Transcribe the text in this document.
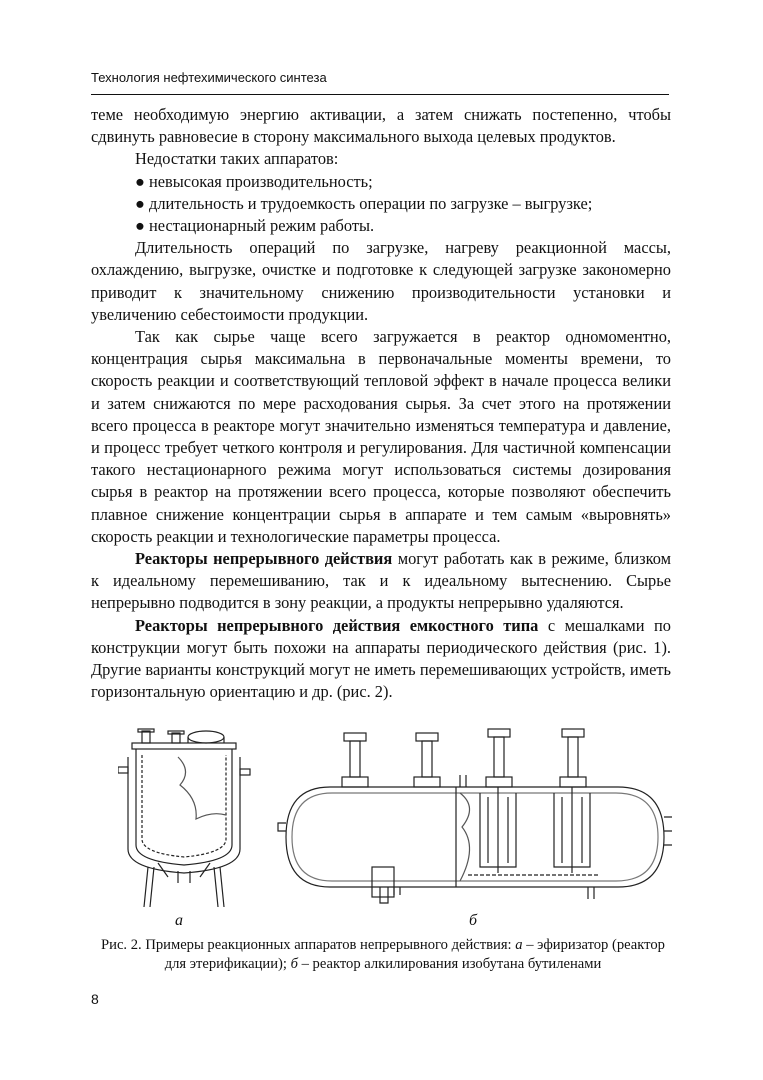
Технология нефтехимического синтеза

теме необходимую энергию активации, а затем снижать постепенно, чтобы сдвинуть равновесие в сторону максимального выхода целевых продуктов.

Недостатки таких аппаратов:

● невысокая производительность;

● длительность и трудоемкость операции по загрузке – выгрузке;

● нестационарный режим работы.

Длительность операций по загрузке, нагреву реакционной массы, охлаждению, выгрузке, очистке и подготовке к следующей загрузке закономерно приводит к значительному снижению производительности установки и увеличению себестоимости продукции.

Так как сырье чаще всего загружается в реактор одномоментно, концентрация сырья максимальна в первоначальные моменты времени, то скорость реакции и соответствующий тепловой эффект в начале процесса велики и затем снижаются по мере расходования сырья. За счет этого на протяжении всего процесса в реакторе могут значительно изменяться температура и давление, и процесс требует четкого контроля и регулирования. Для частичной компенсации такого нестационарного режима могут использоваться системы дозирования сырья в реактор на протяжении всего процесса, которые позволяют обеспечить плавное снижение концентрации сырья в аппарате и тем самым «выровнять» скорость реакции и технологические параметры процесса.

Реакторы непрерывного действия могут работать как в режиме, близком к идеальному перемешиванию, так и к идеальному вытеснению. Сырье непрерывно подводится в зону реакции, а продукты непрерывно удаляются.

Реакторы непрерывного действия емкостного типа с мешалками по конструкции могут быть похожи на аппараты периодического действия (рис. 1). Другие варианты конструкций могут не иметь перемешивающих устройств, иметь горизонтальную ориентацию и др. (рис. 2).

а	б
Рис. 2. Примеры реакционных аппаратов непрерывного действия: а – эфиризатор (реактор для этерификации); б – реактор алкилирования изобутана бутиленами
8
